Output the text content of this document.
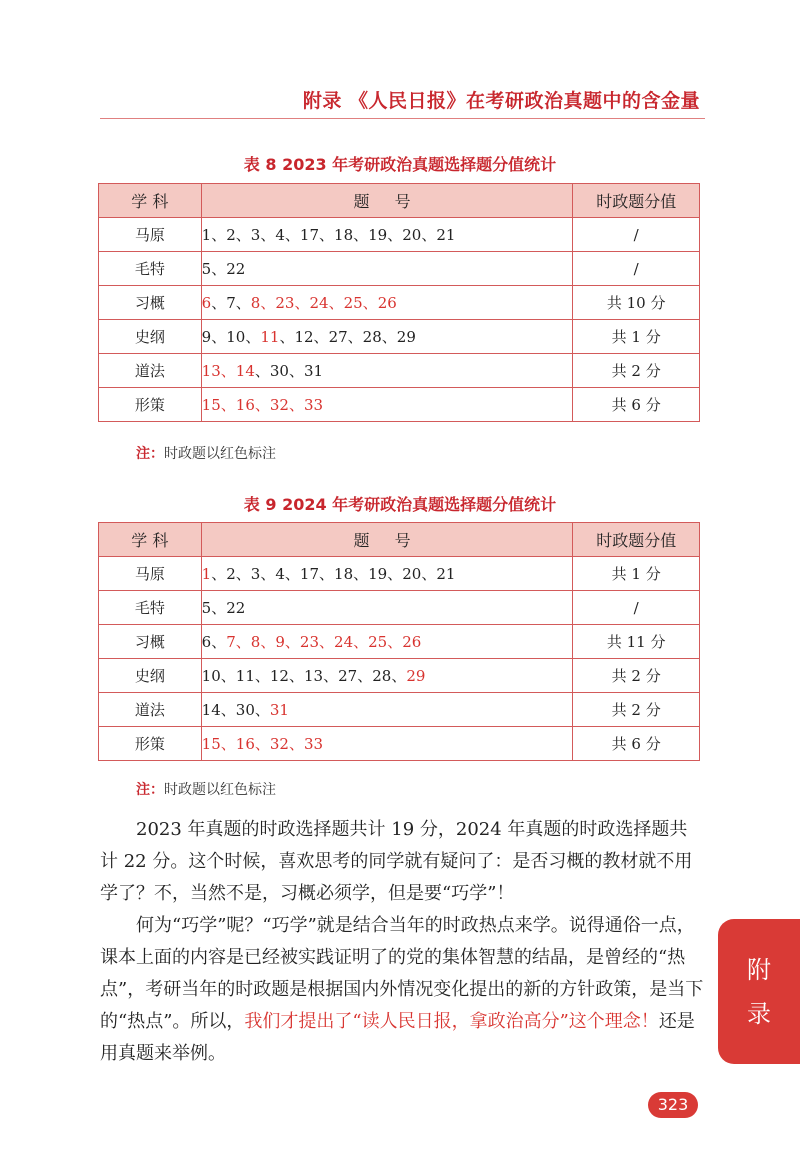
附录 《人民日报》在考研政治真题中的含金量
表 8 2023 年考研政治真题选择题分值统计
学 科	题 号	时政题分值
马原	1、2、3、4、17、18、19、20、21	/
毛特	5、22	/
习概	6、7、8、23、24、25、26	共 10 分
史纲	9、10、11、12、27、28、29	共 1 分
道法	13、14、30、31	共 2 分
形策	15、16、32、33	共 6 分
注：时政题以红色标注
表 9 2024 年考研政治真题选择题分值统计
学 科	题 号	时政题分值
马原	1、2、3、4、17、18、19、20、21	共 1 分
毛特	5、22	/
习概	6、7、8、9、23、24、25、26	共 11 分
史纲	10、11、12、13、27、28、29	共 2 分
道法	14、30、31	共 2 分
形策	15、16、32、33	共 6 分
注：时政题以红色标注

2023 年真题的时政选择题共计 19 分，2024 年真题的时政选择题共计 22 分。这个时候，喜欢思考的同学就有疑问了：是否习概的教材就不用学了？不，当然不是，习概必须学，但是要“巧学”！

何为“巧学”呢？“巧学”就是结合当年的时政热点来学。说得通俗一点，课本上面的内容是已经被实践证明了的党的集体智慧的结晶，是曾经的“热点”，考研当年的时政题是根据国内外情况变化提出的新的方针政策，是当下的“热点”。所以，我们才提出了“读人民日报，拿政治高分”这个理念！还是用真题来举例。

附
录
323
